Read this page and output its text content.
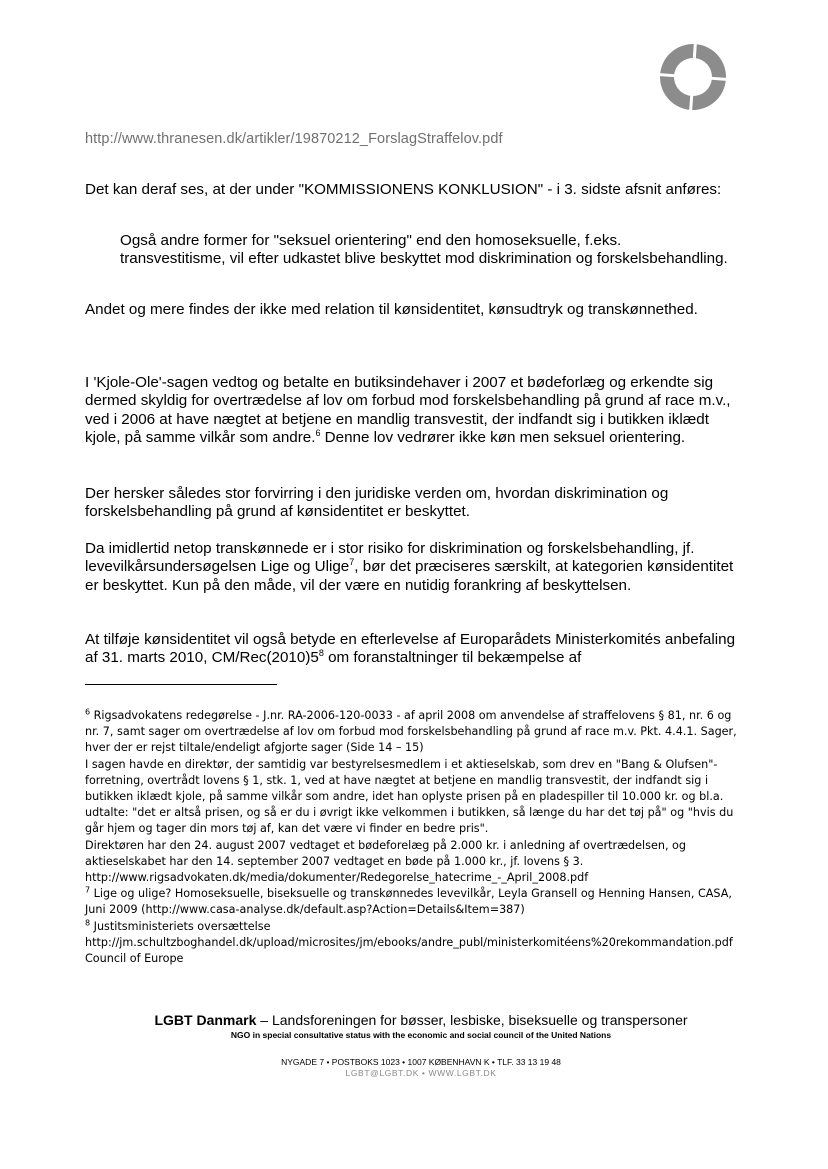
http://www.thranesen.dk/artikler/19870212_ForslagStraffelov.pdf
Det kan deraf ses, at der under "KOMMISSIONENS KONKLUSION" - i 3. sidste afsnit anføres:
Også andre former for "seksuel orientering" end den homoseksuelle, f.eks. transvestitisme, vil efter udkastet blive beskyttet mod diskrimination og forskelsbehandling.
Andet og mere findes der ikke med relation til kønsidentitet, kønsudtryk og transkønnethed.
I 'Kjole-Ole'-sagen vedtog og betalte en butiksindehaver i 2007 et bødeforlæg og erkendte sig dermed skyldig for overtrædelse af lov om forbud mod forskelsbehandling på grund af race m.v., ved i 2006 at have nægtet at betjene en mandlig transvestit, der indfandt sig i butikken iklædt kjole, på samme vilkår som andre.$^6$ Denne lov vedrører ikke køn men seksuel orientering.
Der hersker således stor forvirring i den juridiske verden om, hvordan diskrimination og forskelsbehandling på grund af kønsidentitet er beskyttet.
Da imidlertid netop transkønnede er i stor risiko for diskrimination og forskelsbehandling, jf. levevilkårsundersøgelsen Lige og Ulige$^7$, bør det præciseres særskilt, at kategorien kønsidentitet er beskyttet. Kun på den måde, vil der være en nutidig forankring af beskyttelsen.
At tilføje kønsidentitet vil også betyde en efterlevelse af Europarådets Ministerkomités anbefaling af 31. marts 2010, $CM/Rec(2010)5^8$ om foranstaltninger til bekæmpelse af

$^6$ Rigsadvokatens redegørelse - J.nr. RA-2006-120-0033 - af april 2008 om anvendelse af straffelovens § 81, nr. 6 og nr. 7, samt sager om overtrædelse af lov om forbud mod forskelsbehandling på grund af race m.v. Pkt. 4.4.1. Sager, hver der er rejst tiltale/endeligt afgjorte sager (Side 14 – 15)

I sagen havde en direktør, der samtidig var bestyrelsesmedlem i et aktieselskab, som drev en "Bang & Olufsen"- forretning, overtrådt lovens § 1, stk. 1, ved at have nægtet at betjene en mandlig transvestit, der indfandt sig i butikken iklædt kjole, på samme vilkår som andre, idet han oplyste prisen på en pladespiller til 10.000 kr. og bl.a. udtalte: "det er altså prisen, og så er du i øvrigt ikke velkommen i butikken, så længe du har det tøj på" og "hvis du går hjem og tager din mors tøj af, kan det være vi finder en bedre pris".

Direktøren har den 24. august 2007 vedtaget et bødeforelæg på 2.000 kr. i anledning af overtrædelsen, og aktieselskabet har den 14. september 2007 vedtaget en bøde på 1.000 kr., jf. lovens § 3.

http://www.rigsadvokaten.dk/media/dokumenter/Redegorelse_hatecrime_-_April_2008.pdf

$^7$ Lige og ulige? Homoseksuelle, biseksuelle og transkønnedes levevilkår, Leyla Gransell og Henning Hansen, CASA, Juni 2009 (http://www.casa-analyse.dk/default.asp?Action=Details&Item=387)

$^8$ Justitsministeriets oversættelse

http://jm.schultzboghandel.dk/upload/microsites/jm/ebooks/andre_publ/ministerkomitéens%20rekommandation.pdf

Council of Europe

LGBT Danmark – Landsforeningen for bøsser, lesbiske, biseksuelle og transpersoner
NGO in special consultative status with the economic and social council of the United Nations
NYGADE 7 • POSTBOKS 1023 • 1007 KØBENHAVN K • TLF. 33 13 19 48
LGBT@LGBT.DK • WWW.LGBT.DK
